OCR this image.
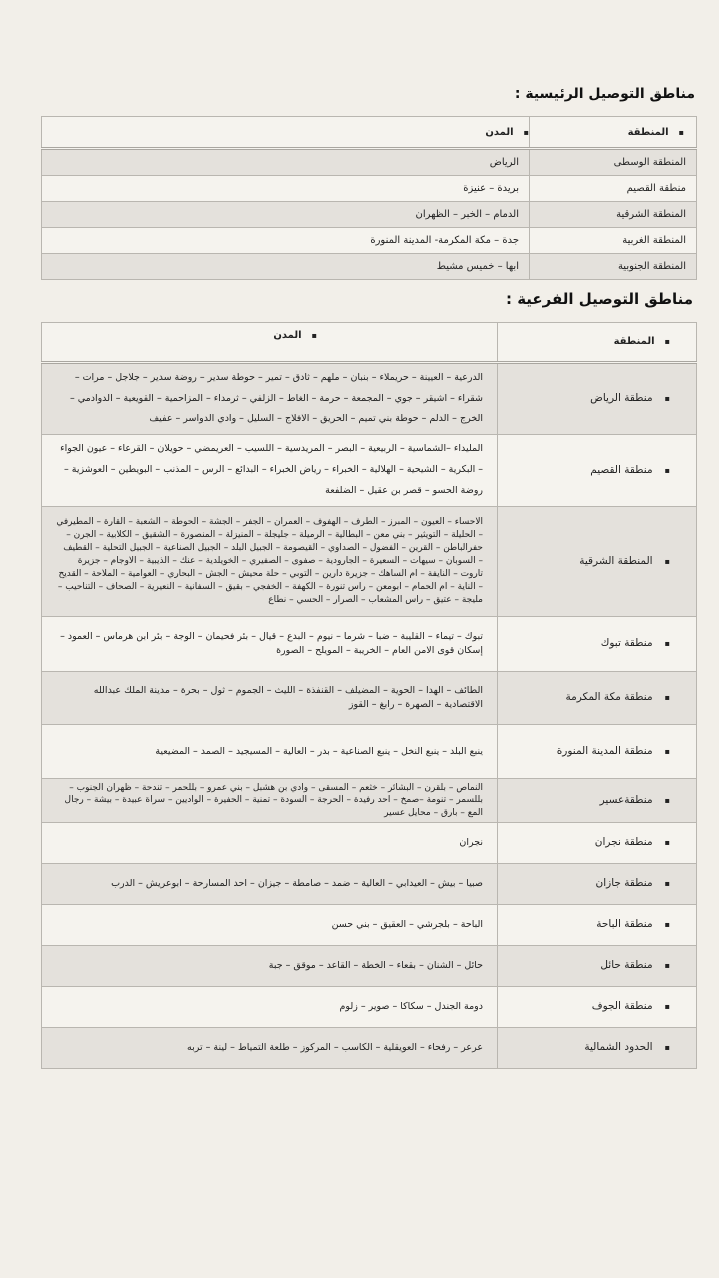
مناطق التوصيل الرئيسية :
▪ المنطقة	▪ المدن
المنطقة الوسطى	الرياض
منطقة القصيم	بريدة – عنيزة
المنطقة الشرقية	الدمام – الخبر – الظهران
المنطقة الغربية	جدة – مكة المكرمة- المدينة المنورة
المنطقة الجنوبية	ابها – خميس مشيط
مناطق التوصيل الفرعية :
▪ المنطقة	▪ المدن
▪ منطقة الرياض	الدرعية – العيينة – حريملاء – بنبان – ملهم – ثادق – تمير – حوطة سدير – روضة سدير – جلاجل – مرات – شقراء – اشيقر – جوي – المجمعة – حرمة – الغاط – الزلفي – ثرمداء – المزاحمية – القويعية – الدوادمي – الخرج – الدلم – حوطة بني تميم – الحريق – الافلاج – السليل – وادي الدواسر – عفيف
▪ منطقة القصيم	المليداء –الشماسية – الربيعية – البصر – المريدسية – اللسيب – العريمضي – حويلان – القرعاء – عيون الجواء – البكرية – الشيحية – الهلالية – الخبراء – رياض الخبراء – البدائع – الرس – المذنب – البويطين – العوشزية – روضة الحسو – قصر بن عقيل – الضلفعة
▪ المنطقة الشرقية	الاحساء – العيون – المبرز – الطرف – الهفوف – العمران – الجفر – الجشة – الحوطة – الشعبة – القارة – المطيرفي – الحليلة – التويثير – بني معن – البطالية – الرميلة – جليجلة – المنيزلة – المنصورة – الشقيق – الكلابية – الجرن – حفرالباطن – القرين – الفضول – الصداوي – القيصومة – الجبيل البلد – الجبيل الصناعية – الجبيل التحلية – القطيف – السوبان – سيهات – السعيرة – الجارودية – صفوى – الصفيري – الخويلدية – عنك – الذيبية – الاوجام – جزيرة تاروت – النايفة – ام الساهك – جزيرة دارين – التوبي – حلة محيش – الجش – البحاري – العوامية – الملاحة – القديح – الناية – ام الحمام – ابومعن – راس تنورة – الكهفة – الخفجي – بقيق – السفانية – النعيرية – الصحاف – التناحيب – مليجة – عتيق – راس المشعاب – الصرار – الحسي – نطاع
▪ منطقة تبوك	تبوك – تيماء – القليبة – ضبا – شرما – نيوم – البدع – قيال – بئر فحيمان – الوجة – بئر ابن هرماس – العمود – إسكان قوى الامن العام – الخريبة – المويلح – الصورة
▪ منطقة مكة المكرمة	الطائف – الهدا – الحوية – المضيلف – القنفذة – الليث – الجموم – ثول – بحرة – مدينة الملك عبدالله الاقتصادية – الصهرة – رابغ – القوز
▪ منطقة المدينة المنورة	ينبع البلد – ينبع النخل – ينبع الصناعية – بدر – العالية – المسيجيد – الصمد – المضيعية
▪ منطقةعسير	النماص – بلقرن – البشائر – خثعم – المسقى – وادي بن هشبل – بني عمرو – بللحمر – تندحة – ظهران الجنوب – بللسمر – تنومة –صمخ – احد رفيدة – الحرجة – السودة – تمنية – الحفيرة – الواديين – سراة عبيدة – بيشة – رجال المع – بارق – محايل عسير
▪ منطقة نجران	نجران
▪ منطقة جازان	صبيا – بيش – العيدابي – العالية – ضمد – صامطة – جيزان – احد المسارحة – ابوعريش – الدرب
▪ منطقة الباحة	الباحة – بلجرشي – العقيق – بني حسن
▪ منطقة حائل	حائل – الشنان – بقعاء – الخطة – القاعد – موقق – جبة
▪ منطقة الجوف	دومة الجندل – سكاكا – صوير – زلوم
▪ الحدود الشمالية	عرعر – رفحاء – العويقلية – الكاسب – المركوز – طلعة التمياط – لينة – تربه
